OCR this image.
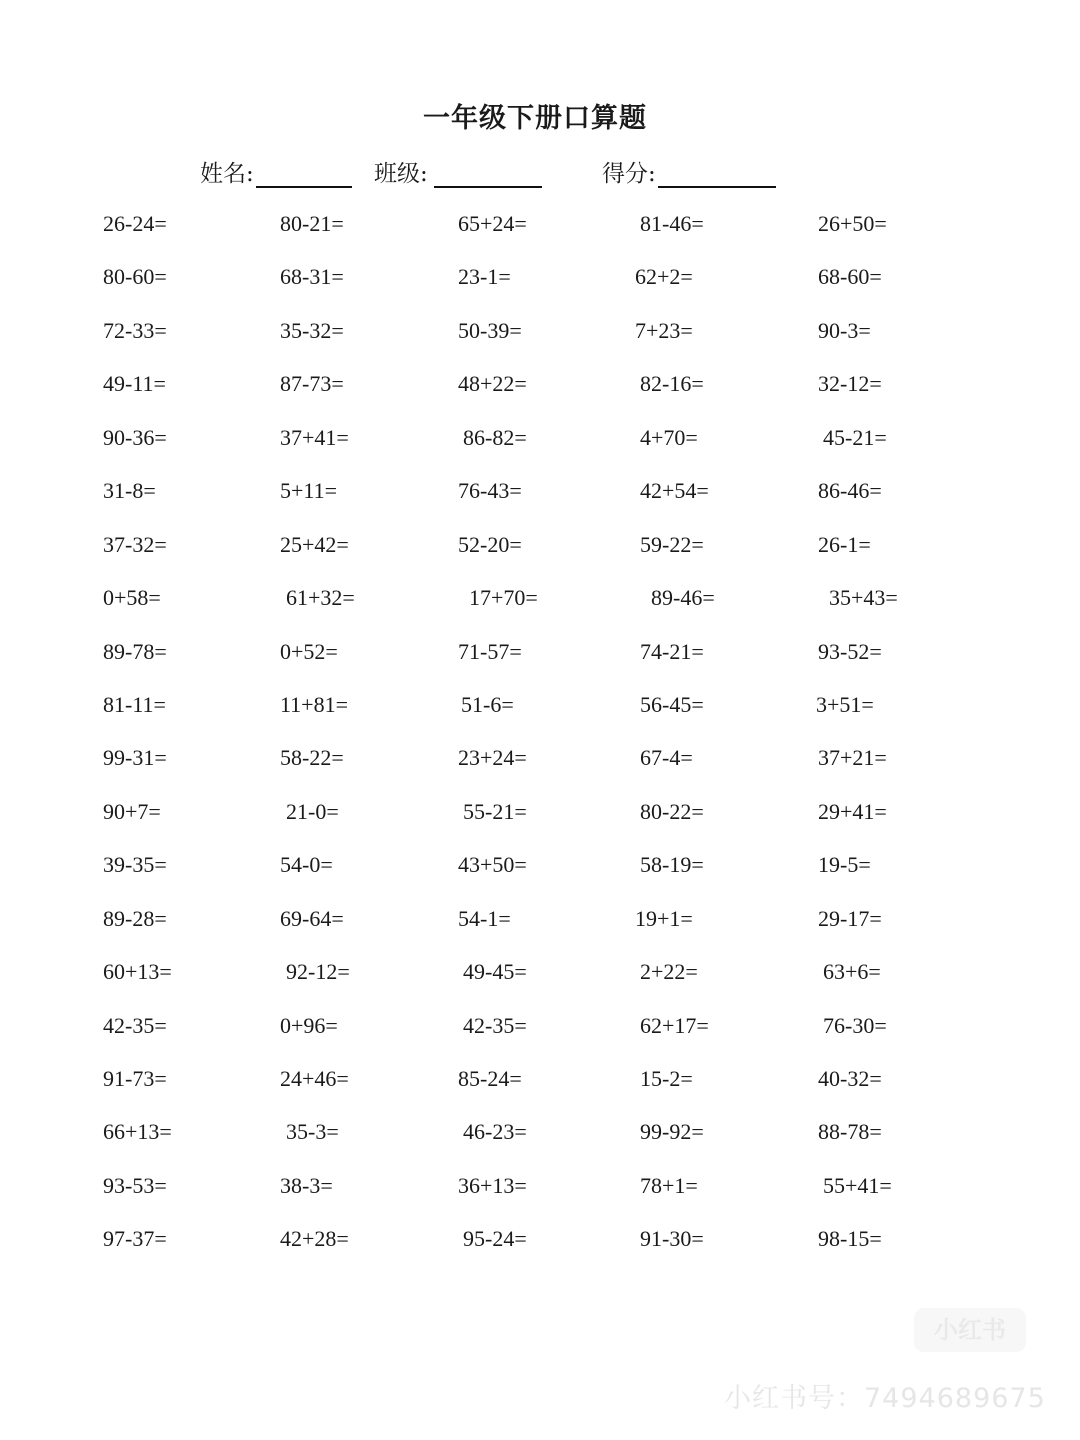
一年级下册口算题
姓名:	班级:	得分:
26-24=	80-21=	65+24=	81-46=	26+50=
80-60=	68-31=	23-1=	62+2=	68-60=
72-33=	35-32=	50-39=	7+23=	90-3=
49-11=	87-73=	48+22=	82-16=	32-12=
90-36=	37+41=	86-82=	4+70=	45-21=
31-8=	5+11=	76-43=	42+54=	86-46=
37-32=	25+42=	52-20=	59-22=	26-1=
0+58=	61+32=	17+70=	89-46=	35+43=
89-78=	0+52=	71-57=	74-21=	93-52=
81-11=	11+81=	51-6=	56-45=	3+51=
99-31=	58-22=	23+24=	67-4=	37+21=
90+7=	21-0=	55-21=	80-22=	29+41=
39-35=	54-0=	43+50=	58-19=	19-5=
89-28=	69-64=	54-1=	19+1=	29-17=
60+13=	92-12=	49-45=	2+22=	63+6=
42-35=	0+96=	42-35=	62+17=	76-30=
91-73=	24+46=	85-24=	15-2=	40-32=
66+13=	35-3=	46-23=	99-92=	88-78=
93-53=	38-3=	36+13=	78+1=	55+41=
97-37=	42+28=	95-24=	91-30=	98-15=
小红书
小红书号：7494689675
